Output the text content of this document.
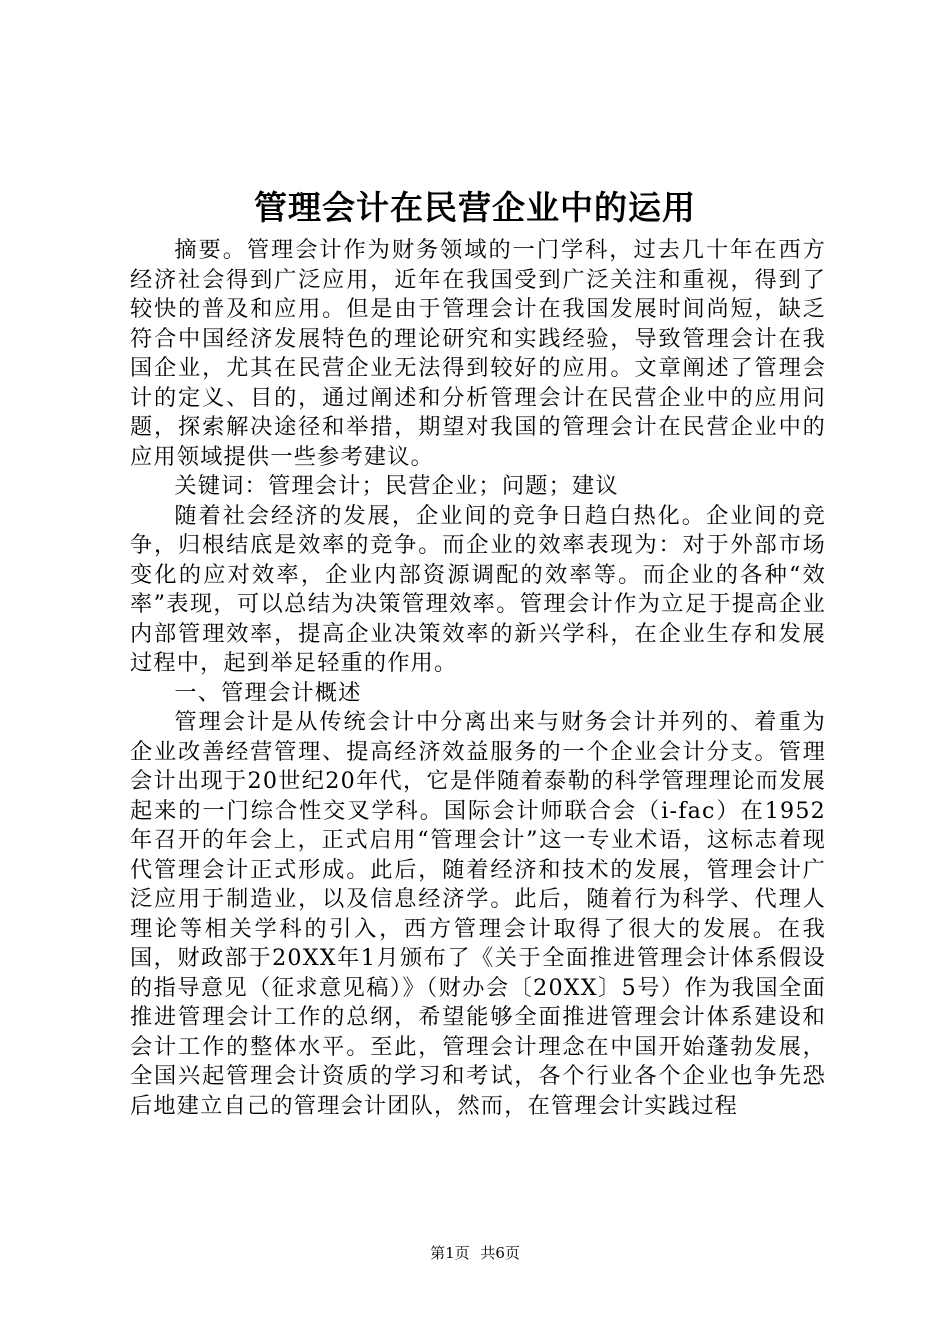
管理会计在民营企业中的运用

摘要。管理会计作为财务领域的一门学科，过去几十年在西方经济社会得到广泛应用，近年在我国受到广泛关注和重视，得到了较快的普及和应用。但是由于管理会计在我国发展时间尚短，缺乏符合中国经济发展特色的理论研究和实践经验，导致管理会计在我国企业，尤其在民营企业无法得到较好的应用。文章阐述了管理会计的定义、目的，通过阐述和分析管理会计在民营企业中的应用问题，探索解决途径和举措，期望对我国的管理会计在民营企业中的应用领域提供一些参考建议。

关键词：管理会计；民营企业；问题；建议

随着社会经济的发展，企业间的竞争日趋白热化。企业间的竞争，归根结底是效率的竞争。而企业的效率表现为：对于外部市场变化的应对效率，企业内部资源调配的效率等。而企业的各种“效率”表现，可以总结为决策管理效率。管理会计作为立足于提高企业内部管理效率，提高企业决策效率的新兴学科，在企业生存和发展过程中，起到举足轻重的作用。

一、管理会计概述

管理会计是从传统会计中分离出来与财务会计并列的、着重为企业改善经营管理、提高经济效益服务的一个企业会计分支。管理会计出现于20世纪20年代，它是伴随着泰勒的科学管理理论而发展起来的一门综合性交叉学科。国际会计师联合会（i-fac）在1952年召开的年会上，正式启用“管理会计”这一专业术语，这标志着现代管理会计正式形成。此后，随着经济和技术的发展，管理会计广泛应用于制造业，以及信息经济学。此后，随着行为科学、代理人理论等相关学科的引入，西方管理会计取得了很大的发展。在我国，财政部于20XX年1月颁布了《关于全面推进管理会计体系假设的指导意见（征求意见稿）》（财办会〔20XX〕5号）作为我国全面推进管理会计工作的总纲，希望能够全面推进管理会计体系建设和会计工作的整体水平。至此，管理会计理念在中国开始蓬勃发展，全国兴起管理会计资质的学习和考试，各个行业各个企业也争先恐后地建立自己的管理会计团队，然而，在管理会计实践过程

第1页 共6页
